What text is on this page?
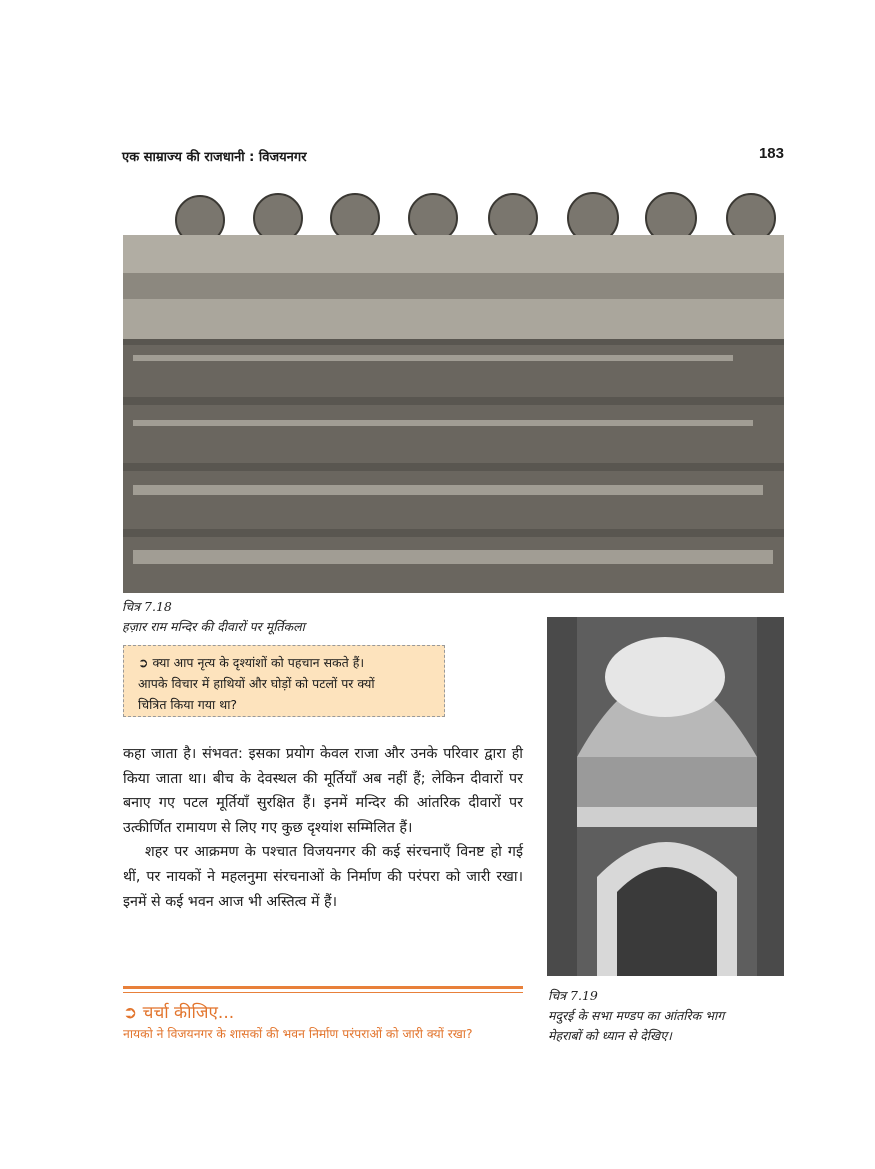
एक साम्राज्य की राजधानी : विजयनगर	183
चित्र 7.18
हज़ार राम मन्दिर की दीवारों पर मूर्तिकला
➲ क्या आप नृत्य के दृश्यांशों को पहचान सकते हैं।
आपके विचार में हाथियों और घोड़ों को पटलों पर क्यों
चित्रित किया गया था?

कहा जाता है। संभवत: इसका प्रयोग केवल राजा और उनके परिवार द्वारा ही किया जाता था। बीच के देवस्थल की मूर्तियाँ अब नहीं हैं; लेकिन दीवारों पर बनाए गए पटल मूर्तियाँ सुरक्षित हैं। इनमें मन्दिर की आंतरिक दीवारों पर उत्कीर्णित रामायण से लिए गए कुछ दृश्यांश सम्मिलित हैं।

शहर पर आक्रमण के पश्चात विजयनगर की कई संरचनाएँ विनष्ट हो गई थीं, पर नायकों ने महलनुमा संरचनाओं के निर्माण की परंपरा को जारी रखा। इनमें से कई भवन आज भी अस्तित्व में हैं।

➲ चर्चा कीजिए...
नायको ने विजयनगर के शासकों की भवन निर्माण परंपराओं को जारी क्यों रखा?
चित्र 7.19
मदुरई के सभा मण्डप का आंतरिक भाग
मेहराबों को ध्यान से देखिए।
